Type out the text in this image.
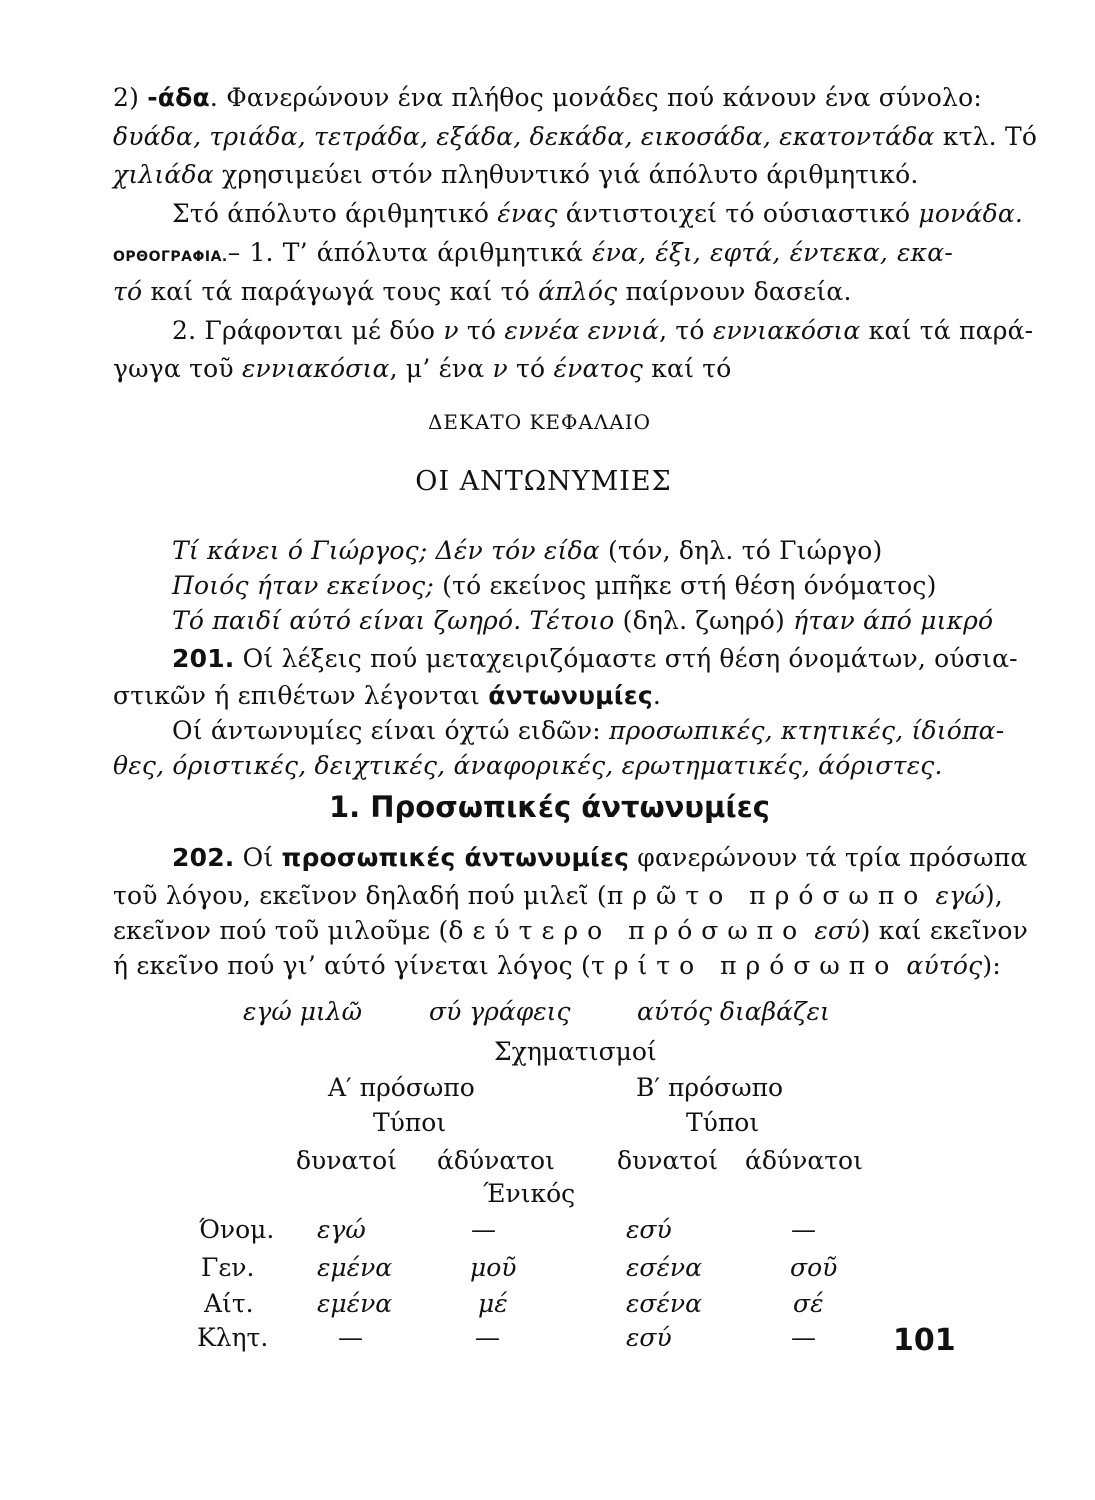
2) -άδα. Φανερώνουν ένα πλήθος μονάδες πού κάνουν ένα σύνολο:
δυάδα, τριάδα, τετράδα, εξάδα, δεκάδα, εικοσάδα, εκατοντάδα κτλ. Τό
χιλιάδα χρησιμεύει στόν πληθυντικό γιά άπόλυτο άριθμητικό.
Στό άπόλυτο άριθμητικό ένας άντιστοιχεί τό ούσιαστικό μονάδα.
ΟΡΘΟΓΡΑΦΙΑ.– 1. Τ’ άπόλυτα άριθμητικά ένα, έξι, εφτά, έντεκα, εκα-
τό καί τά παράγωγά τους καί τό άπλός παίρνουν δασεία.
2. Γράφονται μέ δύο ν τό εννέα εννιά, τό εννιακόσια καί τά παρά-
γωγα τοῦ εννιακόσια, μ’ ένα ν τό ένατος καί τό
ΔΕΚΑΤΟ ΚΕΦΑΛΑΙΟ
ΟΙ ΑΝΤΩΝΥΜΙΕΣ
Τί κάνει ό Γιώργος; Δέν τόν είδα (τόν, δηλ. τό Γιώργο)
Ποιός ήταν εκείνος; (τό εκείνος μπῆκε στή θέση όνόματος)
Τό παιδί αύτό είναι ζωηρό. Τέτοιο (δηλ. ζωηρό) ήταν άπό μικρό
201. Οί λέξεις πού μεταχειριζόμαστε στή θέση όνομάτων, ούσια-
στικῶν ή επιθέτων λέγονται άντωνυμίες.
Οί άντωνυμίες είναι όχτώ ειδῶν: προσωπικές, κτητικές, ίδιόπα-
θες, όριστικές, δειχτικές, άναφορικές, ερωτηματικές, άόριστες.
1. Προσωπικές άντωνυμίες
202. Οί προσωπικές άντωνυμίες φανερώνουν τά τρία πρόσωπα
τοῦ λόγου, εκεῖνον δηλαδή πού μιλεῖ (πρῶτο πρόσωπο εγώ),
εκεῖνον πού τοῦ μιλοῦμε (δεύτερο πρόσωπο εσύ) καί εκεῖνον
ή εκεῖνο πού γι’ αύτό γίνεται λόγος (τρίτο πρόσωπο αύτός):
εγώ μιλῶ	σύ γράφεις	αύτός διαβάζει
Σχηματισμοί
Α′ πρόσωπο	Β′ πρόσωπο
Τύποι	Τύποι
δυνατοί άδύνατοι δυνατοί άδύνατοι
Ένικός
Όνομ. εγώ	—	εσύ	—
Γεν.	εμένα	μοῦ	εσένα	σοῦ
Αίτ.	εμένα	μέ	εσένα	σέ
Κλητ.	—	—	εσύ	—	101
